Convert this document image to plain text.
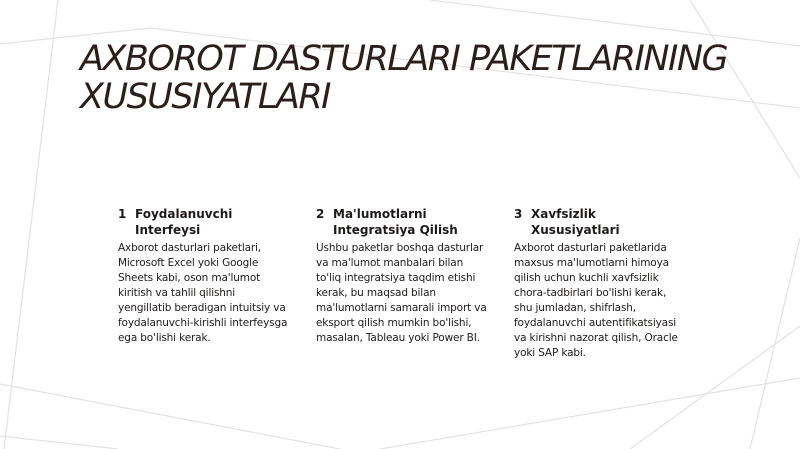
AXBOROT DASTURLARI PAKETLARINING XUSUSIYATLARI
1 Foydalanuvchi Interfeysi
Axborot dasturlari paketlari, Microsoft Excel yoki Google Sheets kabi, oson ma'lumot kiritish va tahlil qilishni yengillatib beradigan intuitsiy va foydalanuvchi-kirishli interfeysga ega bo'lishi kerak.
2 Ma'lumotlarni Integratsiya Qilish
Ushbu paketlar boshqa dasturlar va ma'lumot manbalari bilan to'liq integratsiya taqdim etishi kerak, bu maqsad bilan ma'lumotlarni samarali import va eksport qilish mumkin bo'lishi, masalan, Tableau yoki Power BI.
3 Xavfsizlik Xususiyatlari
Axborot dasturlari paketlarida maxsus ma'lumotlarni himoya qilish uchun kuchli xavfsizlik chora-tadbirlari bo'lishi kerak, shu jumladan, shifrlash, foydalanuvchi autentifikatsiyasi va kirishni nazorat qilish, Oracle yoki SAP kabi.
